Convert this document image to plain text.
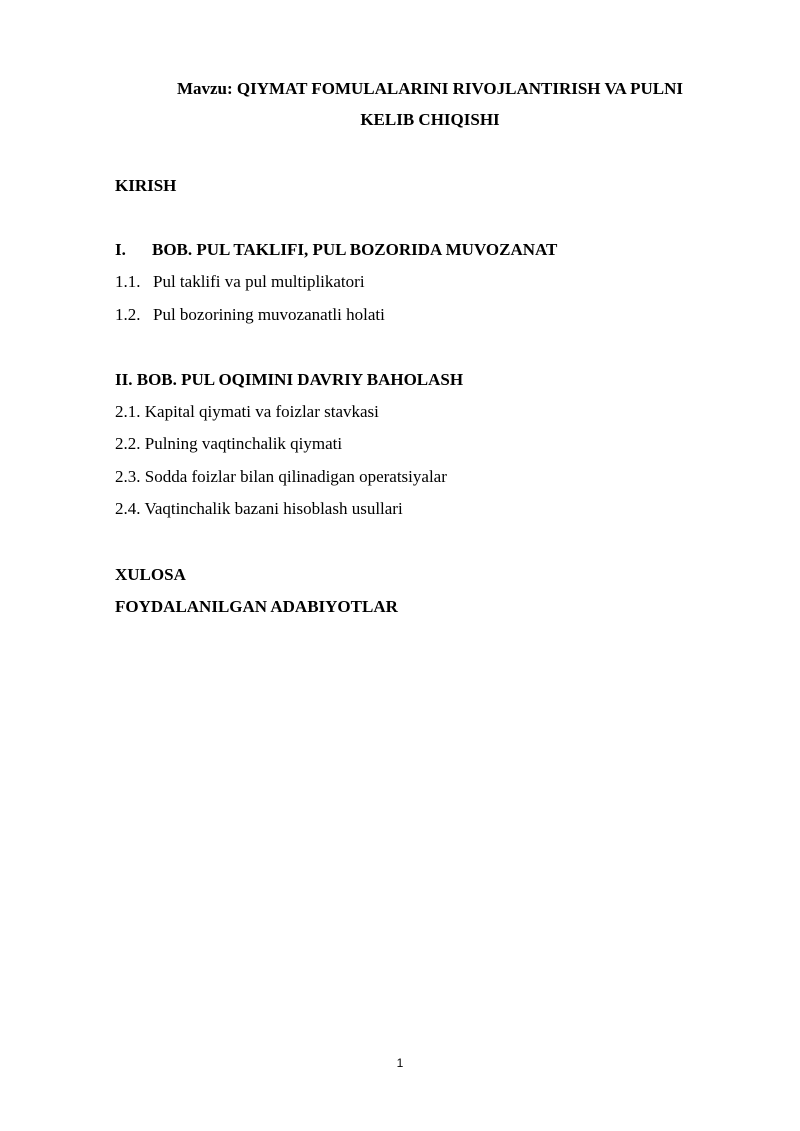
Mavzu: QIYMAT FOMULALARINI RIVOJLANTIRISH VA PULNI
KELIB CHIQISHI
KIRISH
I. BOB. PUL TAKLIFI, PUL BOZORIDA MUVOZANAT
1.1. Pul taklifi va pul multiplikatori
1.2. Pul bozorining muvozanatli holati
II. BOB. PUL OQIMINI DAVRIY BAHOLASH
2.1. Kapital qiymati va foizlar stavkasi
2.2. Pulning vaqtinchalik qiymati
2.3. Sodda foizlar bilan qilinadigan operatsiyalar
2.4. Vaqtinchalik bazani hisoblash usullari
XULOSA
FOYDALANILGAN ADABIYOTLAR
1
